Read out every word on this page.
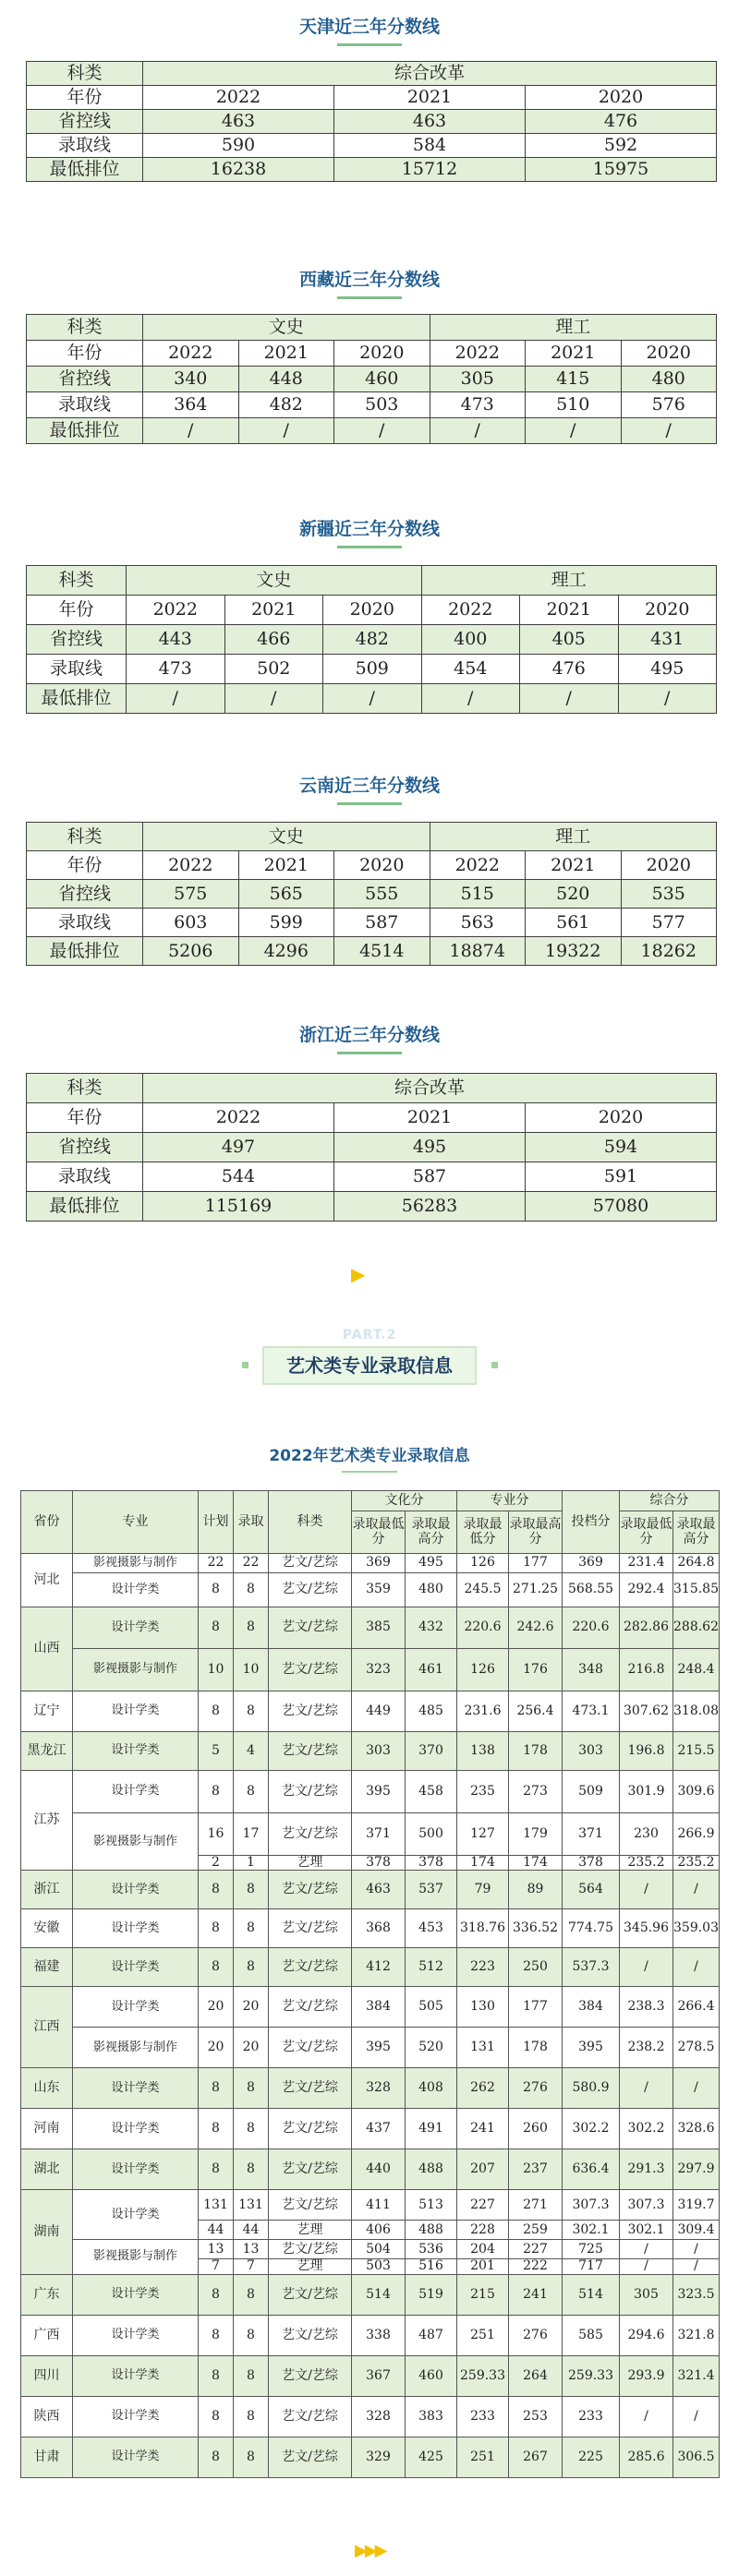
天津近三年分数线
科类	综合改革		
年份	2022	2021	2020
省控线	463	463	476
录取线	590	584	592
最低排位	16238	15712	15975
西藏近三年分数线
科类	文史			理工		
年份	2022	2021	2020	2022	2021	2020
省控线	340	448	460	305	415	480
录取线	364	482	503	473	510	576
最低排位	/	/	/	/	/	/
新疆近三年分数线
科类	文史			理工		
年份	2022	2021	2020	2022	2021	2020
省控线	443	466	482	400	405	431
录取线	473	502	509	454	476	495
最低排位	/	/	/	/	/	/
云南近三年分数线
科类	文史			理工		
年份	2022	2021	2020	2022	2021	2020
省控线	575	565	555	515	520	535
录取线	603	599	587	563	561	577
最低排位	5206	4296	4514	18874	19322	18262
浙江近三年分数线
科类	综合改革		
年份	2022	2021	2020
省控线	497	495	594
录取线	544	587	591
最低排位	115169	56283	57080
▶
PART.2
艺术类专业录取信息
2022年艺术类专业录取信息
省份	专业	计划	录取	科类	文化分		专业分		投档分	综合分	
					录取最低分	录取最高分	录取最低分	录取最高分		录取最低分	录取最高分

河北	影视摄影与制作	22	22	艺文/艺综	369	495	126	177	369	231.4	264.8
	设计学类	8	8	艺文/艺综	359	480	245.5	271.25	568.55	292.4	315.85
山西	设计学类	8	8	艺文/艺综	385	432	220.6	242.6	220.6	282.86	288.62
	影视摄影与制作	10	10	艺文/艺综	323	461	126	176	348	216.8	248.4
辽宁	设计学类	8	8	艺文/艺综	449	485	231.6	256.4	473.1	307.62	318.08
黑龙江	设计学类	5	4	艺文/艺综	303	370	138	178	303	196.8	215.5
江苏	设计学类	8	8	艺文/艺综	395	458	235	273	509	301.9	309.6
	影视摄影与制作	16	17	艺文/艺综	371	500	127	179	371	230	266.9
		2	1	艺理	378	378	174	174	378	235.2	235.2
浙江	设计学类	8	8	艺文/艺综	463	537	79	89	564	/	/
安徽	设计学类	8	8	艺文/艺综	368	453	318.76	336.52	774.75	345.96	359.03
福建	设计学类	8	8	艺文/艺综	412	512	223	250	537.3	/	/
江西	设计学类	20	20	艺文/艺综	384	505	130	177	384	238.3	266.4
	影视摄影与制作	20	20	艺文/艺综	395	520	131	178	395	238.2	278.5
山东	设计学类	8	8	艺文/艺综	328	408	262	276	580.9	/	/
河南	设计学类	8	8	艺文/艺综	437	491	241	260	302.2	302.2	328.6
湖北	设计学类	8	8	艺文/艺综	440	488	207	237	636.4	291.3	297.9
湖南	设计学类	131	131	艺文/艺综	411	513	227	271	307.3	307.3	319.7
		44	44	艺理	406	488	228	259	302.1	302.1	309.4
	影视摄影与制作	13	13	艺文/艺综	504	536	204	227	725	/	/
		7	7	艺理	503	516	201	222	717	/	/
广东	设计学类	8	8	艺文/艺综	514	519	215	241	514	305	323.5
广西	设计学类	8	8	艺文/艺综	338	487	251	276	585	294.6	321.8
四川	设计学类	8	8	艺文/艺综	367	460	259.33	264	259.33	293.9	321.4
陕西	设计学类	8	8	艺文/艺综	328	383	233	253	233	/	/
甘肃	设计学类	8	8	艺文/艺综	329	425	251	267	225	285.6	306.5
▶▶▶
